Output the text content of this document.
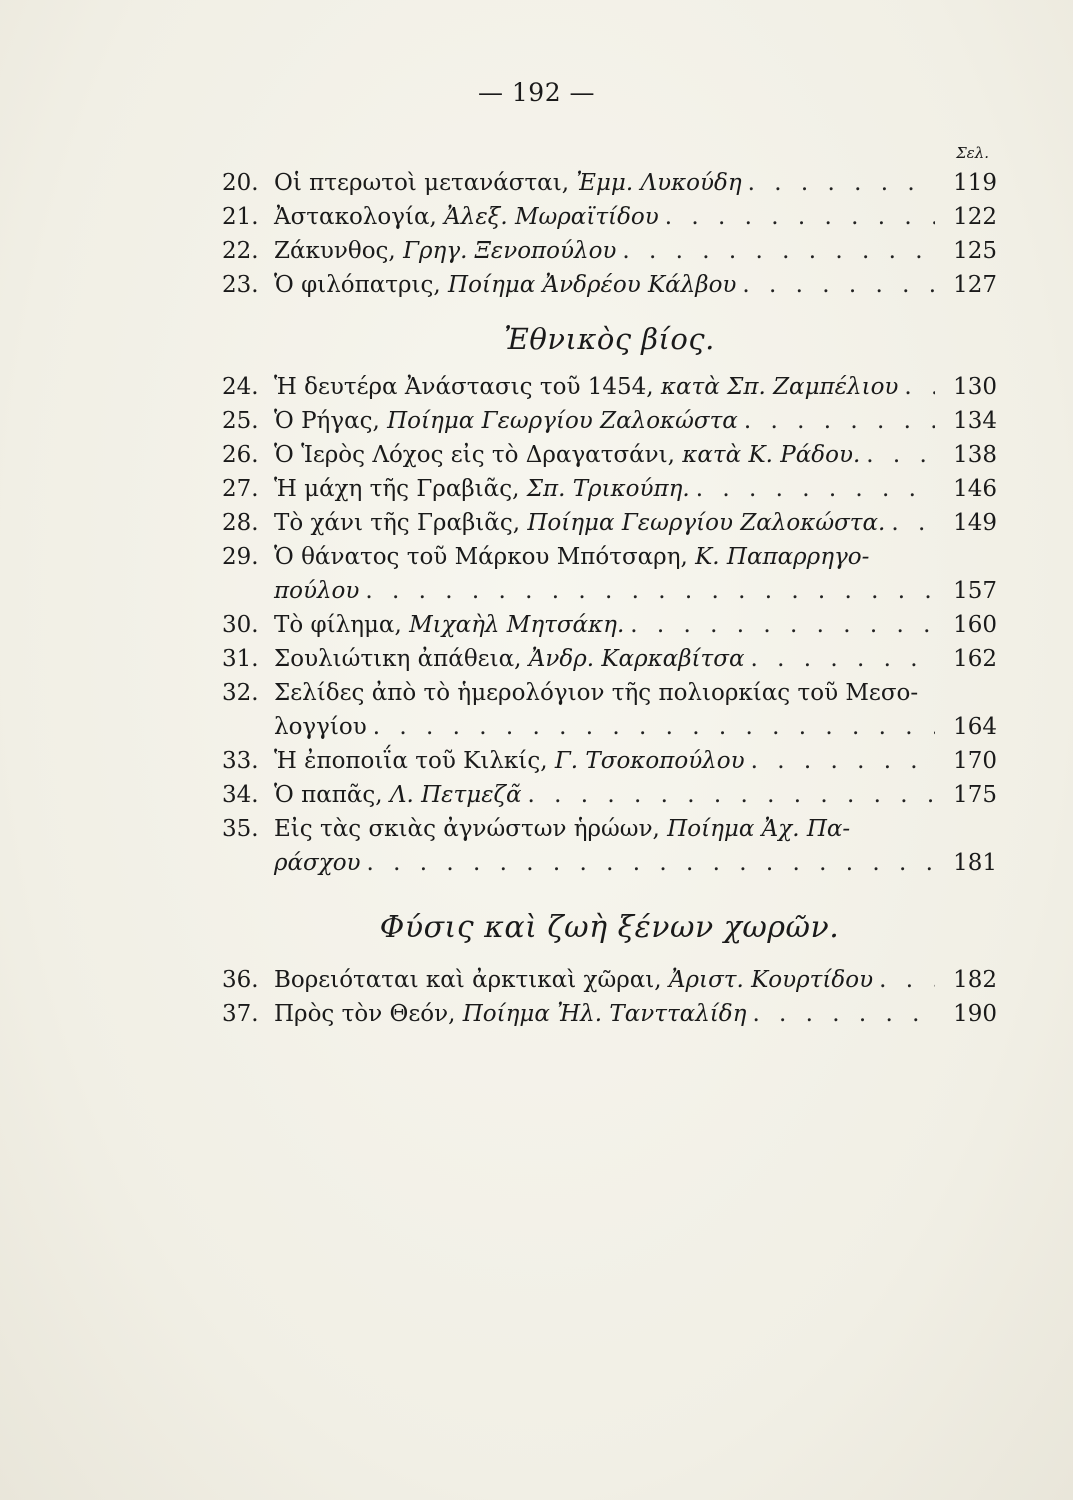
— 192 —
Σελ.
20. Οἱ πτερωτοὶ μετανάσται, Ἐμμ. Λυκούδη . . .	119
21. Ἀστακολογία, Ἀλεξ. Μωραϊτίδου . . .	122
22. Ζάκυνθος, Γρηγ. Ξενοπούλου . . .	125
23. Ὁ φιλόπατρις, Ποίημα Ἀνδρέου Κάλβου . . .	127
Ἐθνικὸς βίος.
24. Ἡ δευτέρα Ἀνάστασις τοῦ 1454, κατὰ Σπ. Ζαμπέλιου . . .	130
25. Ὁ Ρήγας, Ποίημα Γεωργίου Ζαλοκώστα . . .	134
26. Ὁ Ἱερὸς Λόχος εἰς τὸ Δραγατσάνι, κατὰ Κ. Ράδου. . . .	138
27. Ἡ μάχη τῆς Γραβιᾶς, Σπ. Τρικούπη. . . .	146
28. Τὸ χάνι τῆς Γραβιᾶς, Ποίημα Γεωργίου Ζαλοκώστα. . . .	149
29. Ὁ θάνατος τοῦ Μάρκου Μπότσαρη, Κ. Παπαρρηγο-
πούλου . . .	157
30. Τὸ φίλημα, Μιχαὴλ Μητσάκη. . . .	160
31. Σουλιώτικη ἀπάθεια, Ἀνδρ. Καρκαβίτσα . . .	162
32. Σελίδες ἀπὸ τὸ ἡμερολόγιον τῆς πολιορκίας τοῦ Μεσο-
λογγίου . . .	164
33. Ἡ ἐποποιΐα τοῦ Κιλκίς, Γ. Τσοκοπούλου . . .	170
34. Ὁ παπᾶς, Λ. Πετμεζᾶ . . .	175
35. Εἰς τὰς σκιὰς ἀγνώστων ἡρώων, Ποίημα Ἀχ. Πα-
ράσχου . . .	181
Φύσις καὶ ζωὴ ξένων χωρῶν.
36. Βορειόταται καὶ ἀρκτικαὶ χῶραι, Ἀριστ. Κουρτίδου . . .	182
37. Πρὸς τὸν Θεόν, Ποίημα Ἠλ. Ταντταλίδη . . .	190
